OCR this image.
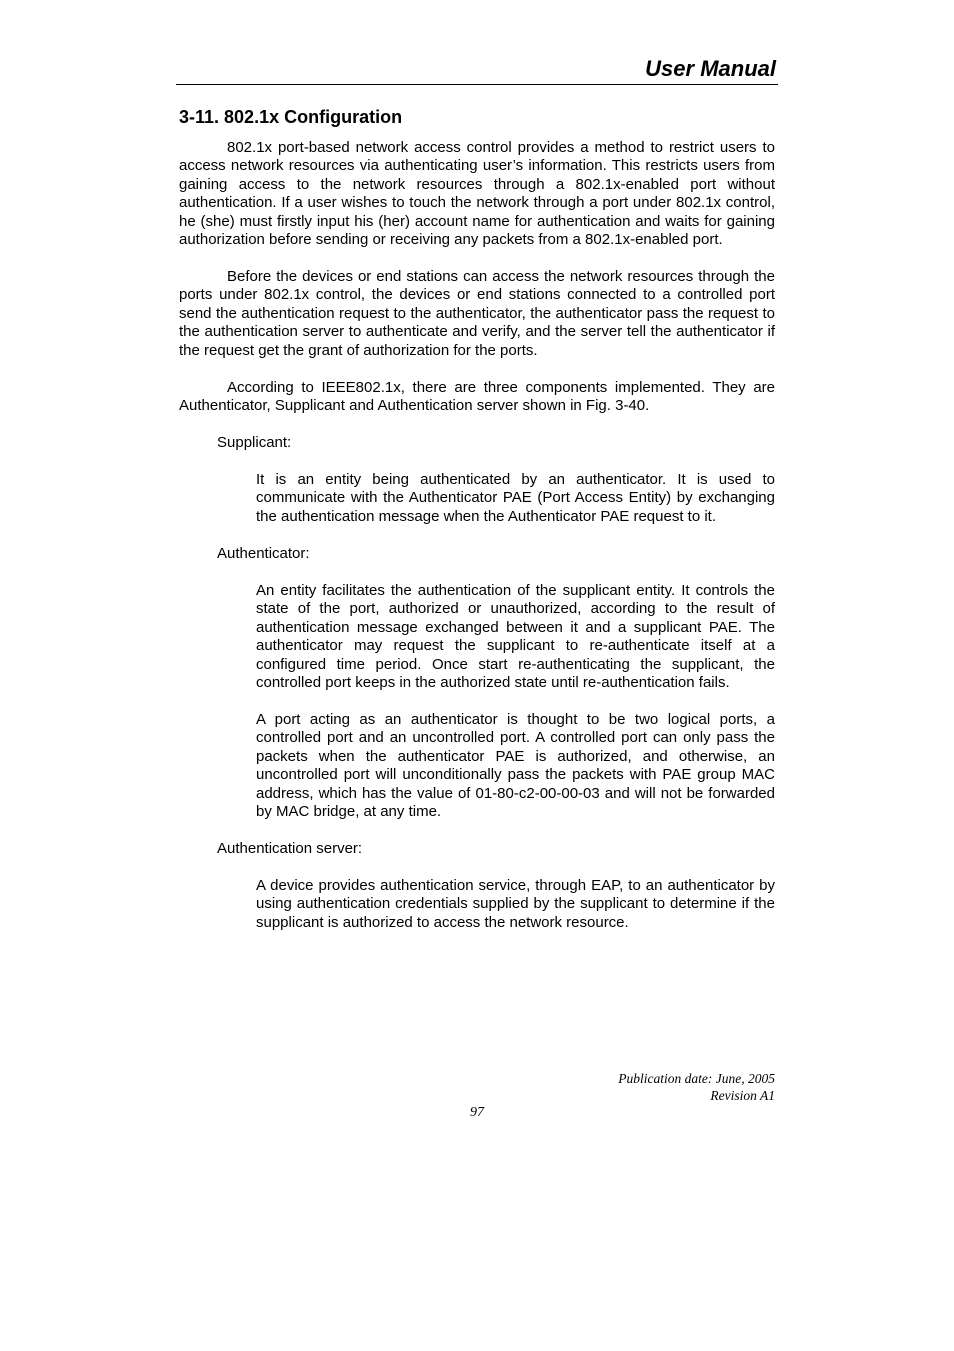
User Manual
3-11. 802.1x Configuration

802.1x port-based network access control provides a method to restrict users to access network resources via authenticating user’s information. This restricts users from gaining access to the network resources through a 802.1x-enabled port without authentication. If a user wishes to touch the network through a port under 802.1x control, he (she) must firstly input his (her) account name for authentication and waits for gaining authorization before sending or receiving any packets from a 802.1x-enabled port.

Before the devices or end stations can access the network resources through the ports under 802.1x control, the devices or end stations connected to a controlled port send the authentication request to the authenticator, the authenticator pass the request to the authentication server to authenticate and verify, and the server tell the authenticator if the request get the grant of authorization for the ports.

According to IEEE802.1x, there are three components implemented. They are Authenticator, Supplicant and Authentication server shown in Fig. 3-40.

Supplicant:

It is an entity being authenticated by an authenticator. It is used to communicate with the Authenticator PAE (Port Access Entity) by exchanging the authentication message when the Authenticator PAE request to it.

Authenticator:

An entity facilitates the authentication of the supplicant entity. It controls the state of the port, authorized or unauthorized, according to the result of authentication message exchanged between it and a supplicant PAE. The authenticator may request the supplicant to re-authenticate itself at a configured time period. Once start re-authenticating the supplicant, the controlled port keeps in the authorized state until re-authentication fails.

A port acting as an authenticator is thought to be two logical ports, a controlled port and an uncontrolled port. A controlled port can only pass the packets when the authenticator PAE is authorized, and otherwise, an uncontrolled port will unconditionally pass the packets with PAE group MAC address, which has the value of 01-80-c2-00-00-03 and will not be forwarded by MAC bridge, at any time.

Authentication server:

A device provides authentication service, through EAP, to an authenticator by using authentication credentials supplied by the supplicant to determine if the supplicant is authorized to access the network resource.

Publication date: June, 2005
Revision A1
97
